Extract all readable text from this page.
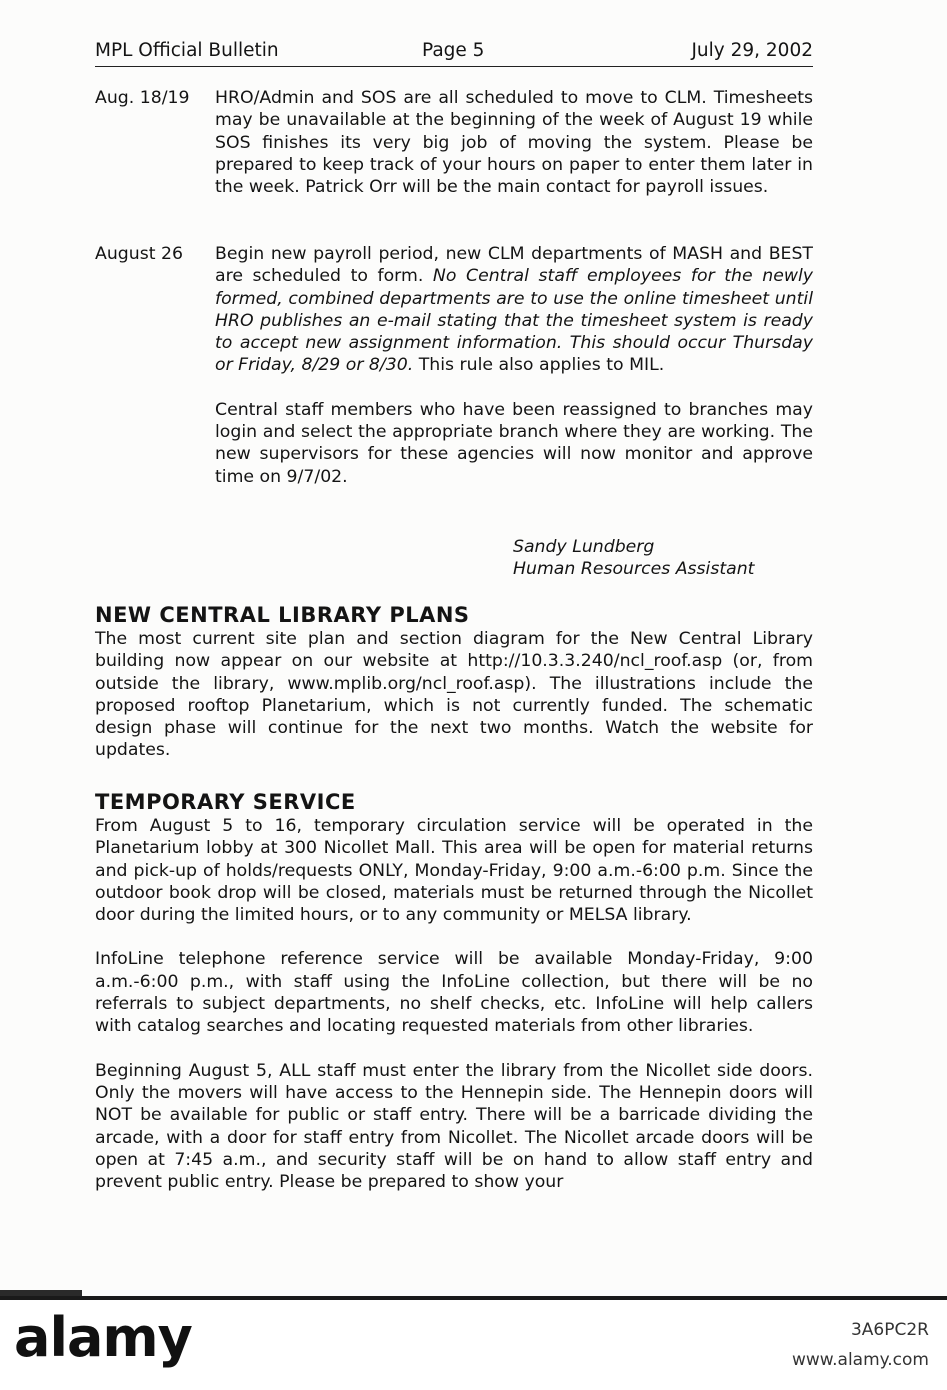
MPL Official Bulletin	Page 5	July 29, 2002
Aug. 18/19 HRO/Admin and SOS are all scheduled to move to CLM. Timesheets may be unavailable at the beginning of the week of August 19 while SOS finishes its very big job of moving the system. Please be prepared to keep track of your hours on paper to enter them later in the week. Patrick Orr will be the main contact for payroll issues.

August 26 Begin new payroll period, new CLM departments of MASH and BEST are scheduled to form. No Central staff employees for the newly formed, combined departments are to use the online timesheet until HRO publishes an e-mail stating that the timesheet system is ready to accept new assignment information. This should occur Thursday or Friday, 8/29 or 8/30. This rule also applies to MIL.

Central staff members who have been reassigned to branches may login and select the appropriate branch where they are working. The new supervisors for these agencies will now monitor and approve time on 9/7/02.

Sandy Lundberg
Human Resources Assistant
NEW CENTRAL LIBRARY PLANS

The most current site plan and section diagram for the New Central Library building now appear on our website at http://10.3.3.240/ncl_roof.asp (or, from outside the library, www.mplib.org/ncl_roof.asp). The illustrations include the proposed rooftop Planetarium, which is not currently funded. The schematic design phase will continue for the next two months. Watch the website for updates.

TEMPORARY SERVICE

From August 5 to 16, temporary circulation service will be operated in the Planetarium lobby at 300 Nicollet Mall. This area will be open for material returns and pick-up of holds/requests ONLY, Monday-Friday, 9:00 a.m.-6:00 p.m. Since the outdoor book drop will be closed, materials must be returned through the Nicollet door during the limited hours, or to any community or MELSA library.

InfoLine telephone reference service will be available Monday-Friday, 9:00 a.m.-6:00 p.m., with staff using the InfoLine collection, but there will be no referrals to subject departments, no shelf checks, etc. InfoLine will help callers with catalog searches and locating requested materials from other libraries.

Beginning August 5, ALL staff must enter the library from the Nicollet side doors. Only the movers will have access to the Hennepin side. The Hennepin doors will NOT be available for public or staff entry. There will be a barricade dividing the arcade, with a door for staff entry from Nicollet. The Nicollet arcade doors will be open at 7:45 a.m., and security staff will be on hand to allow staff entry and prevent public entry. Please be prepared to show your

alamy	3A6PC2R
www.alamy.com
